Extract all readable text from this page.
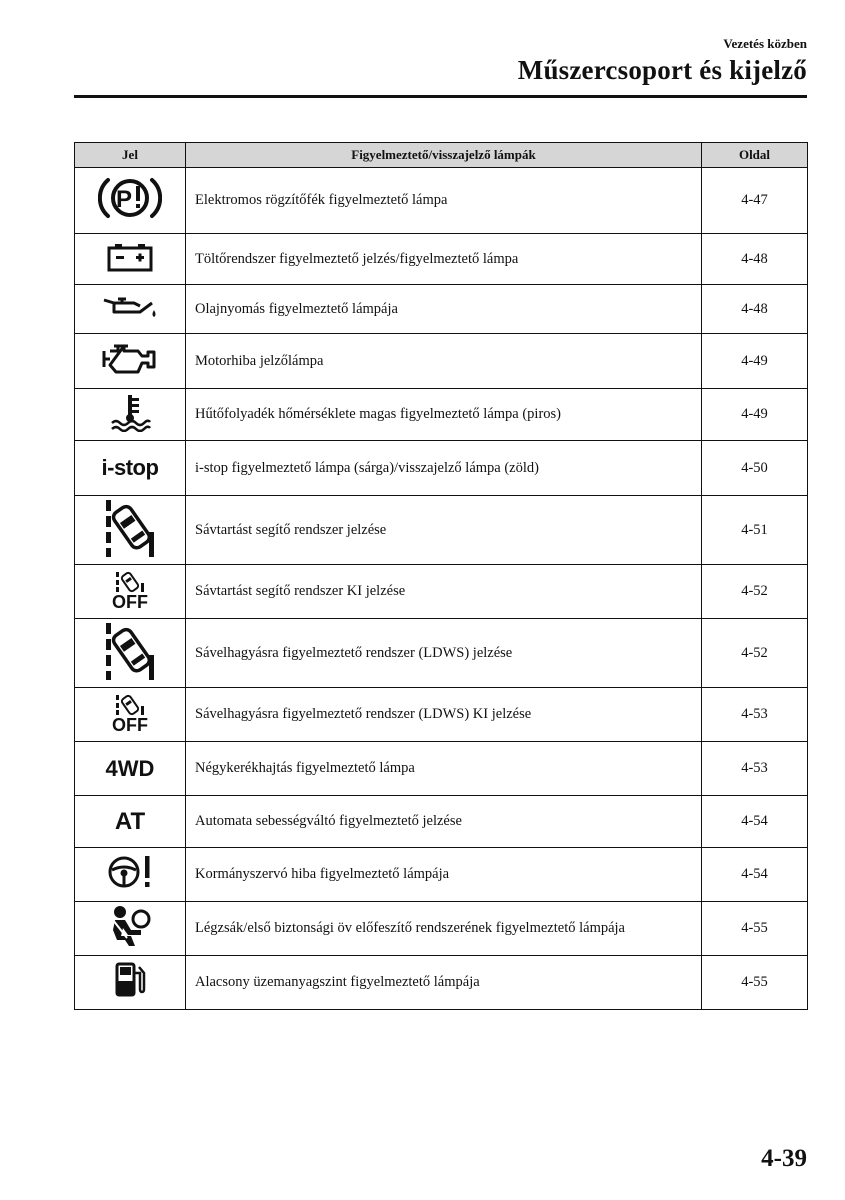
Vezetés közben
Műszercsoport és kijelző
Jel	Figyelmeztető/visszajelző lámpák	Oldal

P	Elektromos rögzítőfék figyelmeztető lámpa	4-47

	Töltőrendszer figyelmeztető jelzés/figyelmeztető lámpa	4-48

	Olajnyomás figyelmeztető lámpája	4-48

	Motorhiba jelzőlámpa	4-49

	Hűtőfolyadék hőmérséklete magas figyelmeztető lámpa (piros)	4-49
i-stop	i-stop figyelmeztető lámpa (sárga)/visszajelző lámpa (zöld)	4-50

	Sávtartást segítő rendszer jelzése	4-51

OFF	Sávtartást segítő rendszer KI jelzése	4-52

	Sávelhagyásra figyelmeztető rendszer (LDWS) jelzése	4-52

OFF	Sávelhagyásra figyelmeztető rendszer (LDWS) KI jelzése	4-53
4WD	Négykerékhajtás figyelmeztető lámpa	4-53
AT	Automata sebességváltó figyelmeztető jelzése	4-54

	Kormányszervó hiba figyelmeztető lámpája	4-54

	Légzsák/első biztonsági öv előfeszítő rendszerének figyelmeztető lámpája	4-55

	Alacsony üzemanyagszint figyelmeztető lámpája	4-55
4-39
